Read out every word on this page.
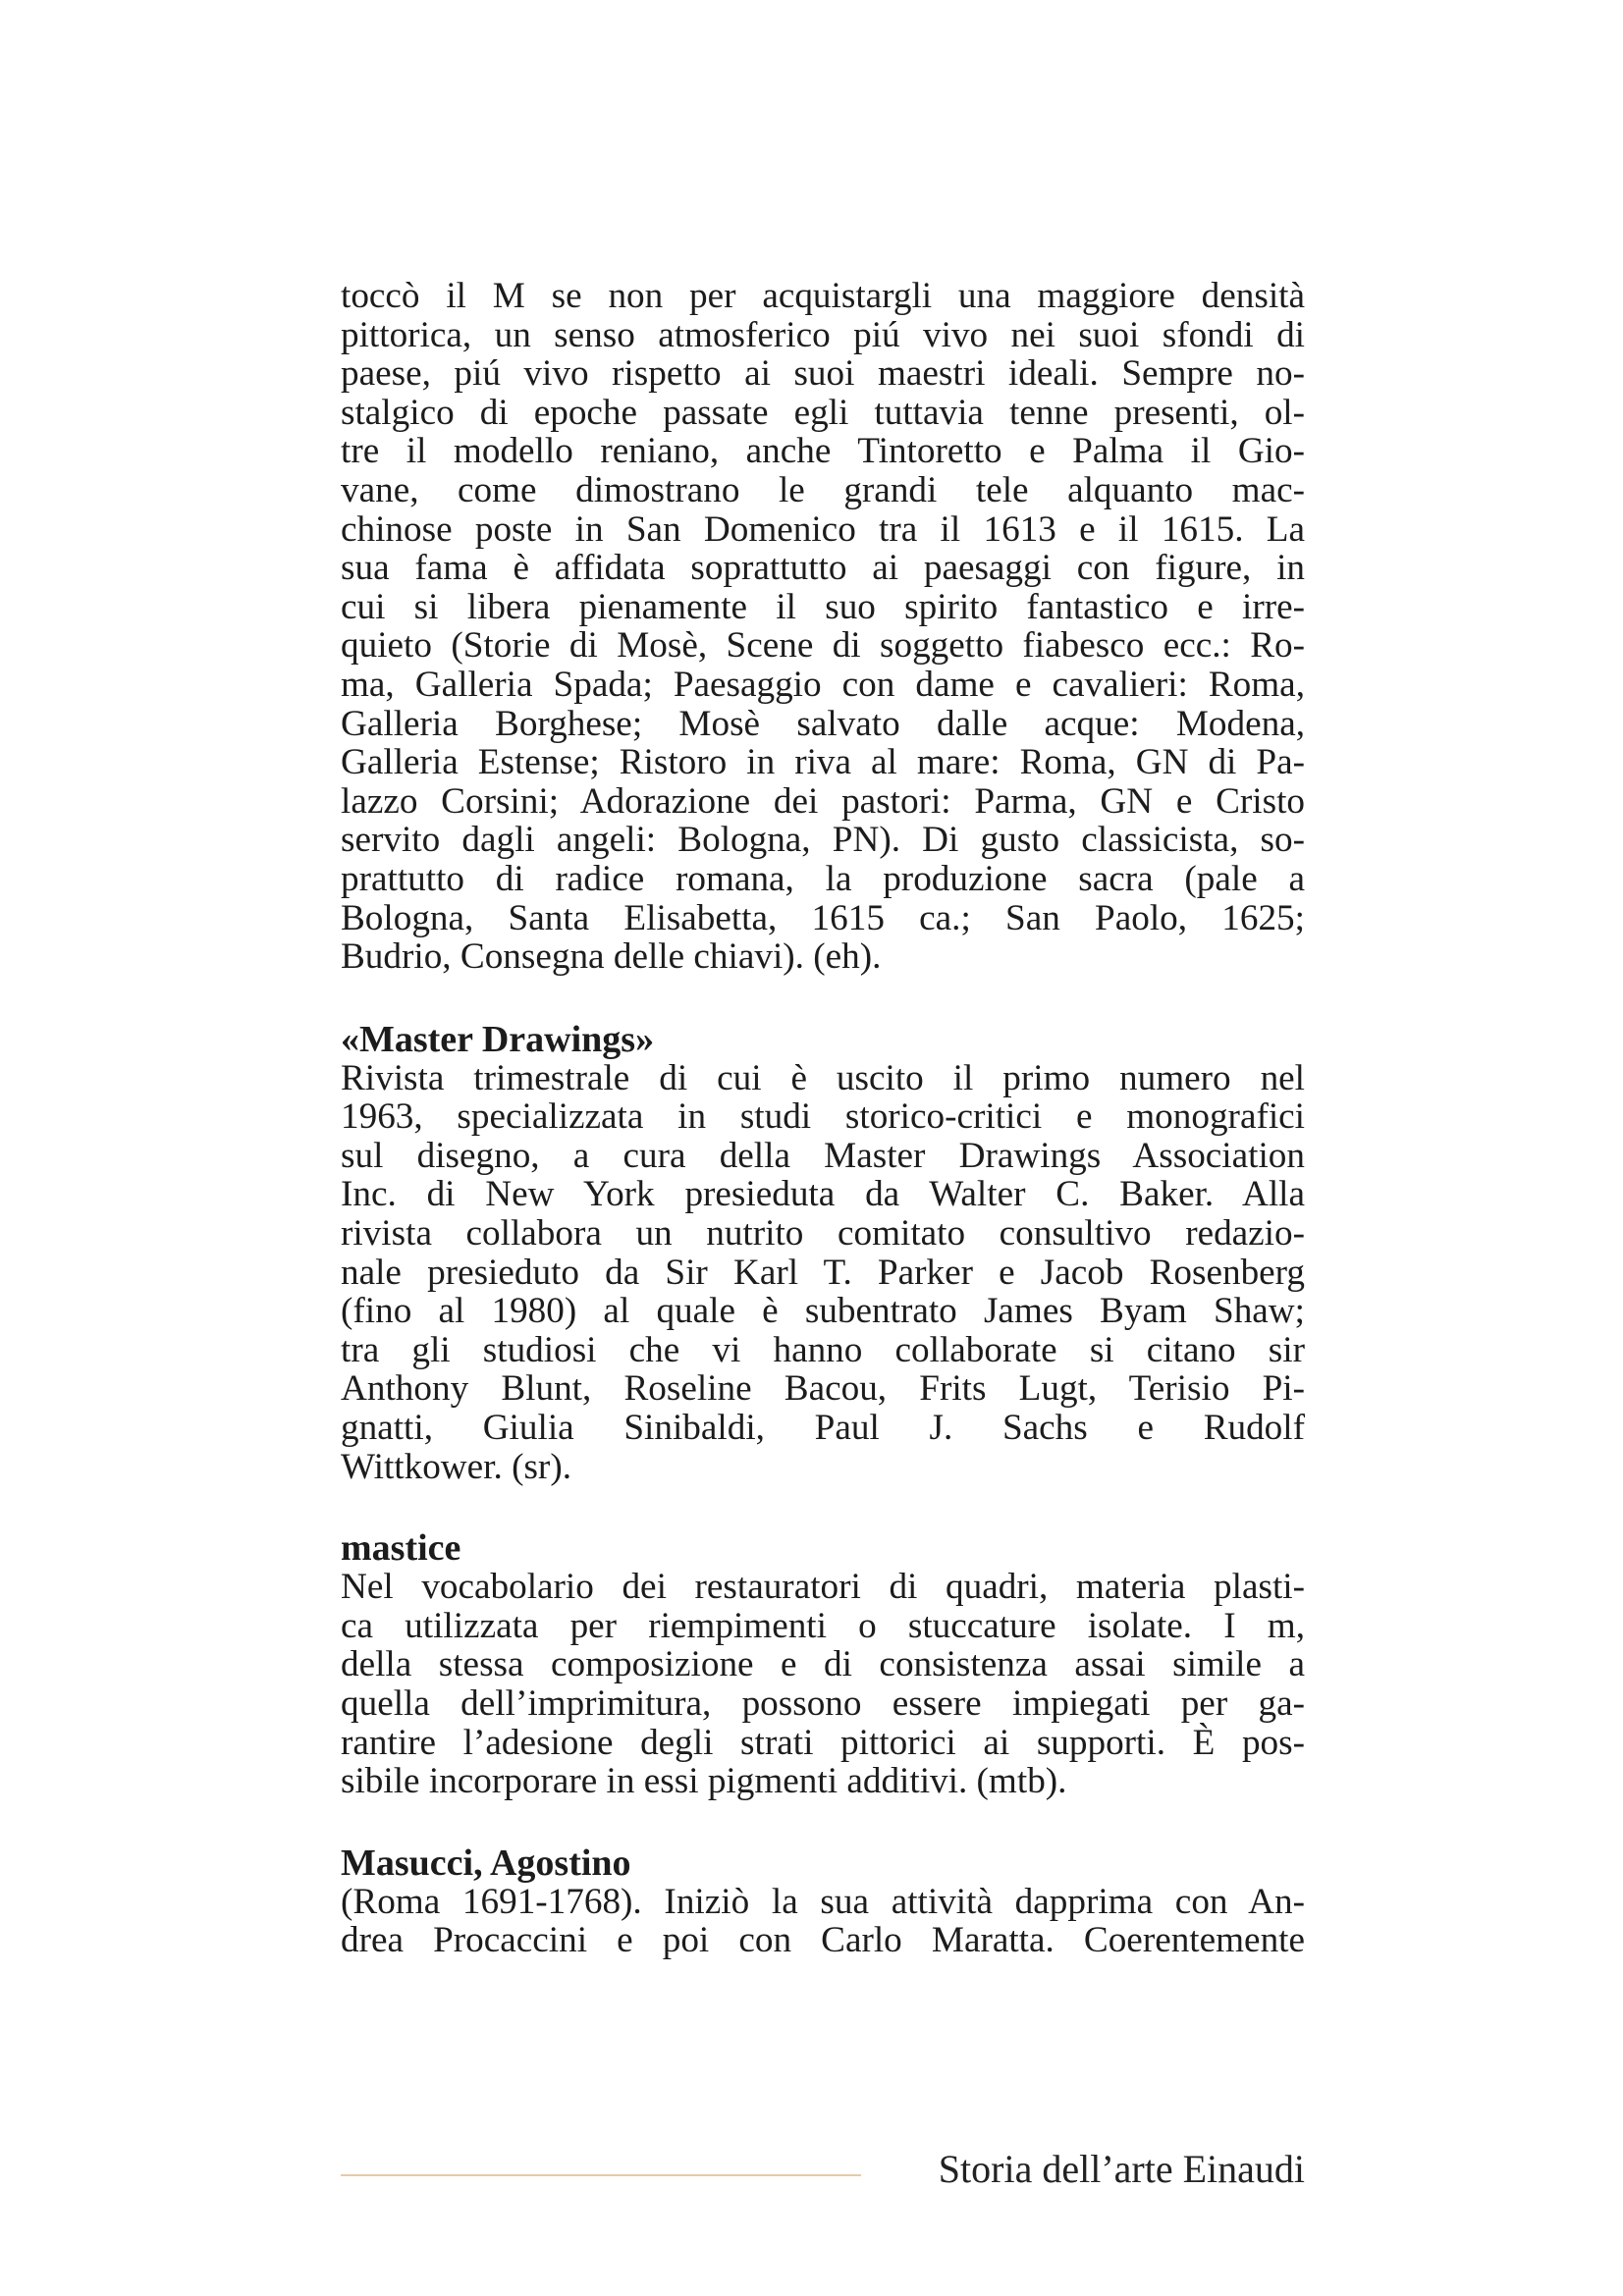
toccò il M se non per acquistargli una maggiore densità
pittorica, un senso atmosferico piú vivo nei suoi sfondi di
paese, piú vivo rispetto ai suoi maestri ideali. Sempre no-
stalgico di epoche passate egli tuttavia tenne presenti, ol-
tre il modello reniano, anche Tintoretto e Palma il Gio-
vane, come dimostrano le grandi tele alquanto mac-
chinose poste in San Domenico tra il 1613 e il 1615. La
sua fama è affidata soprattutto ai paesaggi con figure, in
cui si libera pienamente il suo spirito fantastico e irre-
quieto (Storie di Mosè, Scene di soggetto fiabesco ecc.: Ro-
ma, Galleria Spada; Paesaggio con dame e cavalieri: Roma,
Galleria Borghese; Mosè salvato dalle acque: Modena,
Galleria Estense; Ristoro in riva al mare: Roma, GN di Pa-
lazzo Corsini; Adorazione dei pastori: Parma, GN e Cristo
servito dagli angeli: Bologna, PN). Di gusto classicista, so-
prattutto di radice romana, la produzione sacra (pale a
Bologna, Santa Elisabetta, 1615 ca.; San Paolo, 1625;
Budrio, Consegna delle chiavi). (eh).
«Master Drawings»
Rivista trimestrale di cui è uscito il primo numero nel
1963, specializzata in studi storico-critici e monografici
sul disegno, a cura della Master Drawings Association
Inc. di New York presieduta da Walter C. Baker. Alla
rivista collabora un nutrito comitato consultivo redazio-
nale presieduto da Sir Karl T. Parker e Jacob Rosenberg
(fino al 1980) al quale è subentrato James Byam Shaw;
tra gli studiosi che vi hanno collaborate si citano sir
Anthony Blunt, Roseline Bacou, Frits Lugt, Terisio Pi-
gnatti, Giulia Sinibaldi, Paul J. Sachs e Rudolf
Wittkower. (sr).
mastice
Nel vocabolario dei restauratori di quadri, materia plasti-
ca utilizzata per riempimenti o stuccature isolate. I m,
della stessa composizione e di consistenza assai simile a
quella dell’imprimitura, possono essere impiegati per ga-
rantire l’adesione degli strati pittorici ai supporti. È pos-
sibile incorporare in essi pigmenti additivi. (mtb).
Masucci, Agostino
(Roma 1691-1768). Iniziò la sua attività dapprima con An-
drea Procaccini e poi con Carlo Maratta. Coerentemente
Storia dell’arte Einaudi
